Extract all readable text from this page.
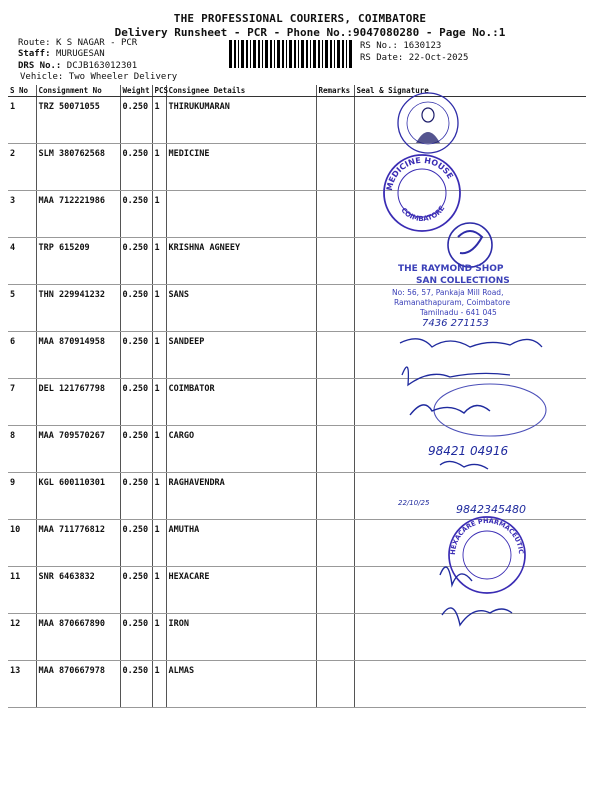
THE PROFESSIONAL COURIERS, COIMBATORE
Delivery Runsheet - PCR - Phone No.:9047080280 - Page No.:1
Route: K S NAGAR - PCR
Staff: MURUGESAN
DRS No.: DCJB163012301
Vehicle: Two Wheeler Delivery
RS No.: 1630123
RS Date: 22-Oct-2025
S No	Consignment No	Weight	PCS	Consignee Details	Remarks	Seal & Signature
1	TRZ 50071055	0.250	1	THIRUKUMARAN		
2	SLM 380762568	0.250	1	MEDICINE		
3	MAA 712221986	0.250	1			
4	TRP 615209	0.250	1	KRISHNA AGNEEY		
5	THN 229941232	0.250	1	SANS		
6	MAA 870914958	0.250	1	SANDEEP		
7	DEL 121767798	0.250	1	COIMBATOR		
8	MAA 709570267	0.250	1	CARGO		
9	KGL 600110301	0.250	1	RAGHAVENDRA		
10	MAA 711776812	0.250	1	AMUTHA		
11	SNR 6463832	0.250	1	HEXACARE		
12	MAA 870667890	0.250	1	IRON		
13	MAA 870667978	0.250	1	ALMAS		
MEDICINE HOUSE
COIMBATORE
THE RAYMOND SHOP
SAN COLLECTIONS
No: 56, 57, Pankaja Mill Road,
Ramanathapuram, Coimbatore
Tamilnadu - 641 045
7436 271153
98421 04916
22/10/25 9842345480
HEXACARE PHARMACEUTIC
